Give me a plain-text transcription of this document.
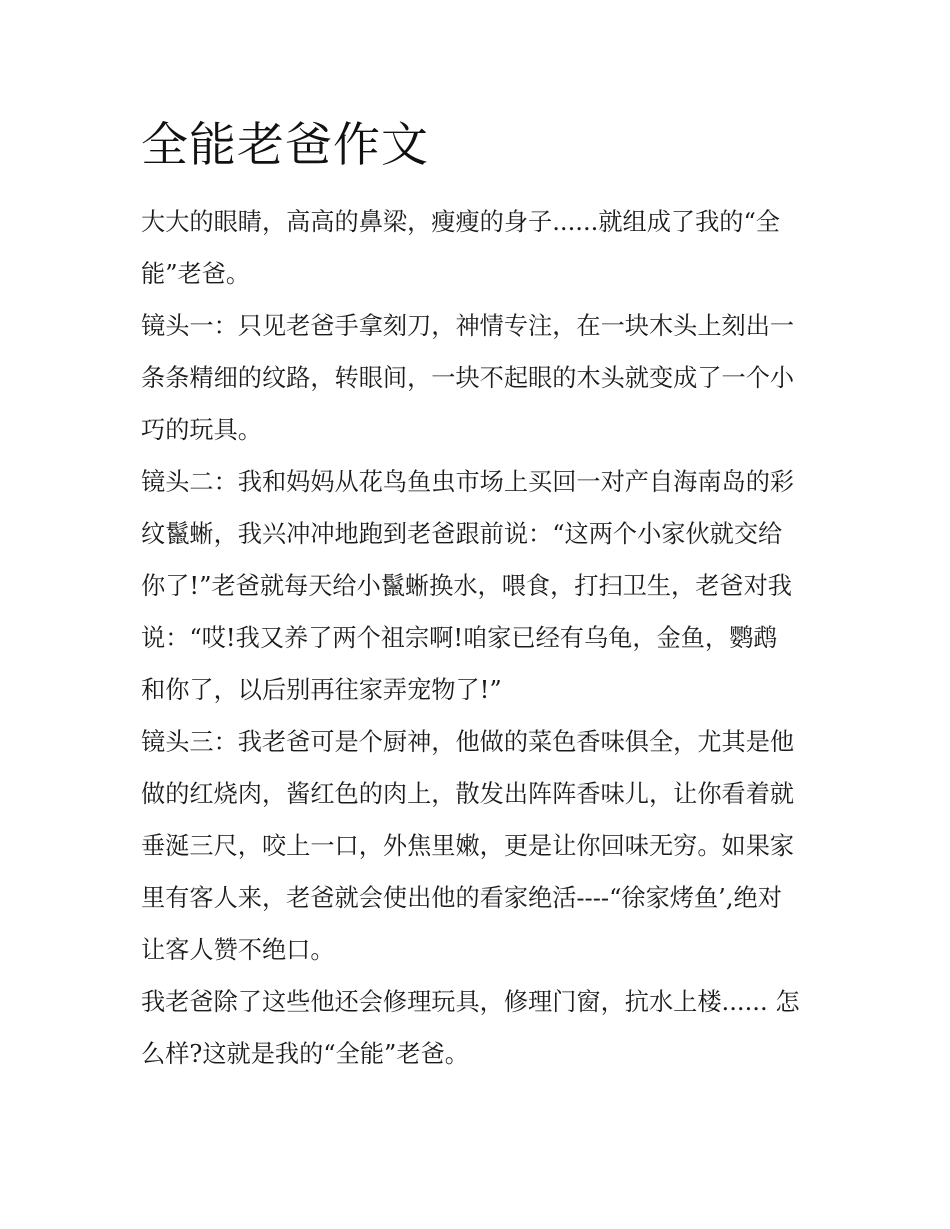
全能老爸作文
大大的眼睛，高高的鼻梁，瘦瘦的身子......就组成了我的“全
能”老爸。
镜头一：只见老爸手拿刻刀，神情专注，在一块木头上刻出一
条条精细的纹路，转眼间，一块不起眼的木头就变成了一个小
巧的玩具。
镜头二：我和妈妈从花鸟鱼虫市场上买回一对产自海南岛的彩
纹鬣蜥，我兴冲冲地跑到老爸跟前说：“这两个小家伙就交给
你了!”老爸就每天给小鬣蜥换水，喂食，打扫卫生，老爸对我
说：“哎!我又养了两个祖宗啊!咱家已经有乌龟，金鱼，鹦鹉
和你了，以后别再往家弄宠物了!”
镜头三：我老爸可是个厨神，他做的菜色香味俱全，尤其是他
做的红烧肉，酱红色的肉上，散发出阵阵香味儿，让你看着就
垂涎三尺，咬上一口，外焦里嫩，更是让你回味无穷。如果家
里有客人来，老爸就会使出他的看家绝活----“徐家烤鱼’,绝对
让客人赞不绝口。
我老爸除了这些他还会修理玩具，修理门窗，抗水上楼...... 怎
么样?这就是我的“全能”老爸。
